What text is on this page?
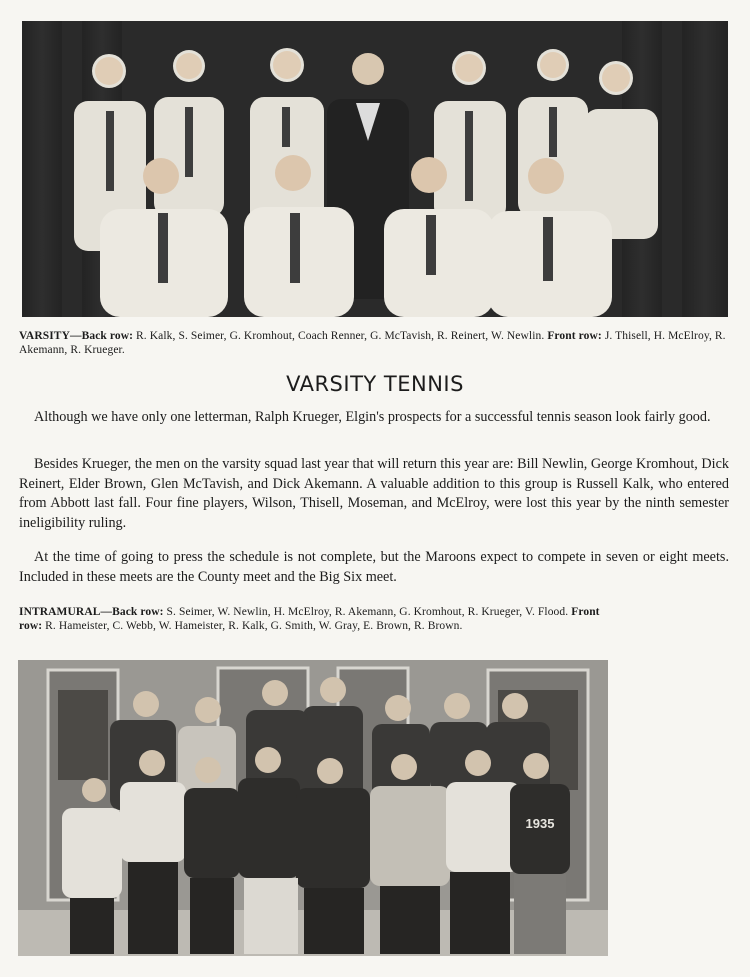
VARSITY—Back row: R. Kalk, S. Seimer, G. Kromhout, Coach Renner, G. McTavish, R. Reinert, W. Newlin. Front row: J. Thisell, H. McElroy, R. Akemann, R. Krueger.
VARSITY TENNIS

Although we have only one letterman, Ralph Krueger, Elgin's prospects for a successful tennis season look fairly good.

Besides Krueger, the men on the varsity squad last year that will return this year are: Bill Newlin, George Kromhout, Dick Reinert, Elder Brown, Glen McTavish, and Dick Akemann. A valuable addition to this group is Russell Kalk, who entered from Abbott last fall. Four fine players, Wilson, Thisell, Moseman, and McElroy, were lost this year by the ninth semester ineligibility ruling.

At the time of going to press the schedule is not complete, but the Maroons expect to compete in seven or eight meets. Included in these meets are the County meet and the Big Six meet.

INTRAMURAL—Back row: S. Seimer, W. Newlin, H. McElroy, R. Akemann, G. Kromhout, R. Krueger, V. Flood. Front row: R. Hameister, C. Webb, W. Hameister, R. Kalk, G. Smith, W. Gray, E. Brown, R. Brown.
1935
